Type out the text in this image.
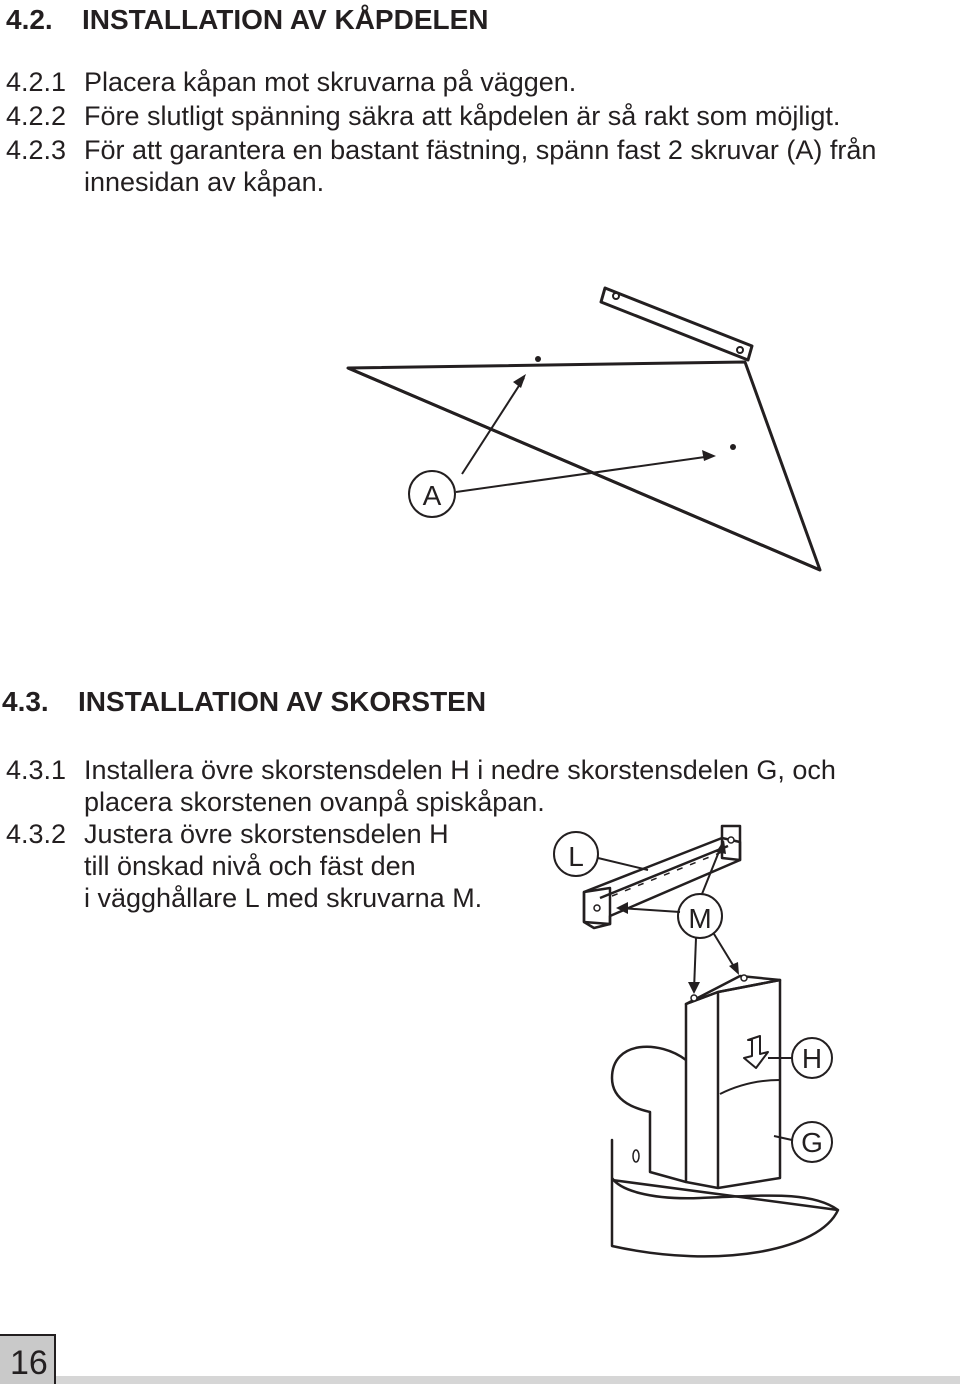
4.2. INSTALLATION AV KÅPDELEN
4.2.1 Placera kåpan mot skruvarna på väggen.
4.2.2 Före slutligt spänning säkra att kåpdelen är så rakt som möjligt.
4.2.3 För att garantera en bastant fästning, spänn fast 2 skruvar (A) från
innesidan av kåpan.
A
4.3. INSTALLATION AV SKORSTEN
4.3.1 Installera övre skorstensdelen H i nedre skorstensdelen G, och
placera skorstenen ovanpå spiskåpan.
4.3.2 Justera övre skorstensdelen H
till önskad nivå och fäst den
i vägghållare L med skruvarna M.
L
M
H
G
16
